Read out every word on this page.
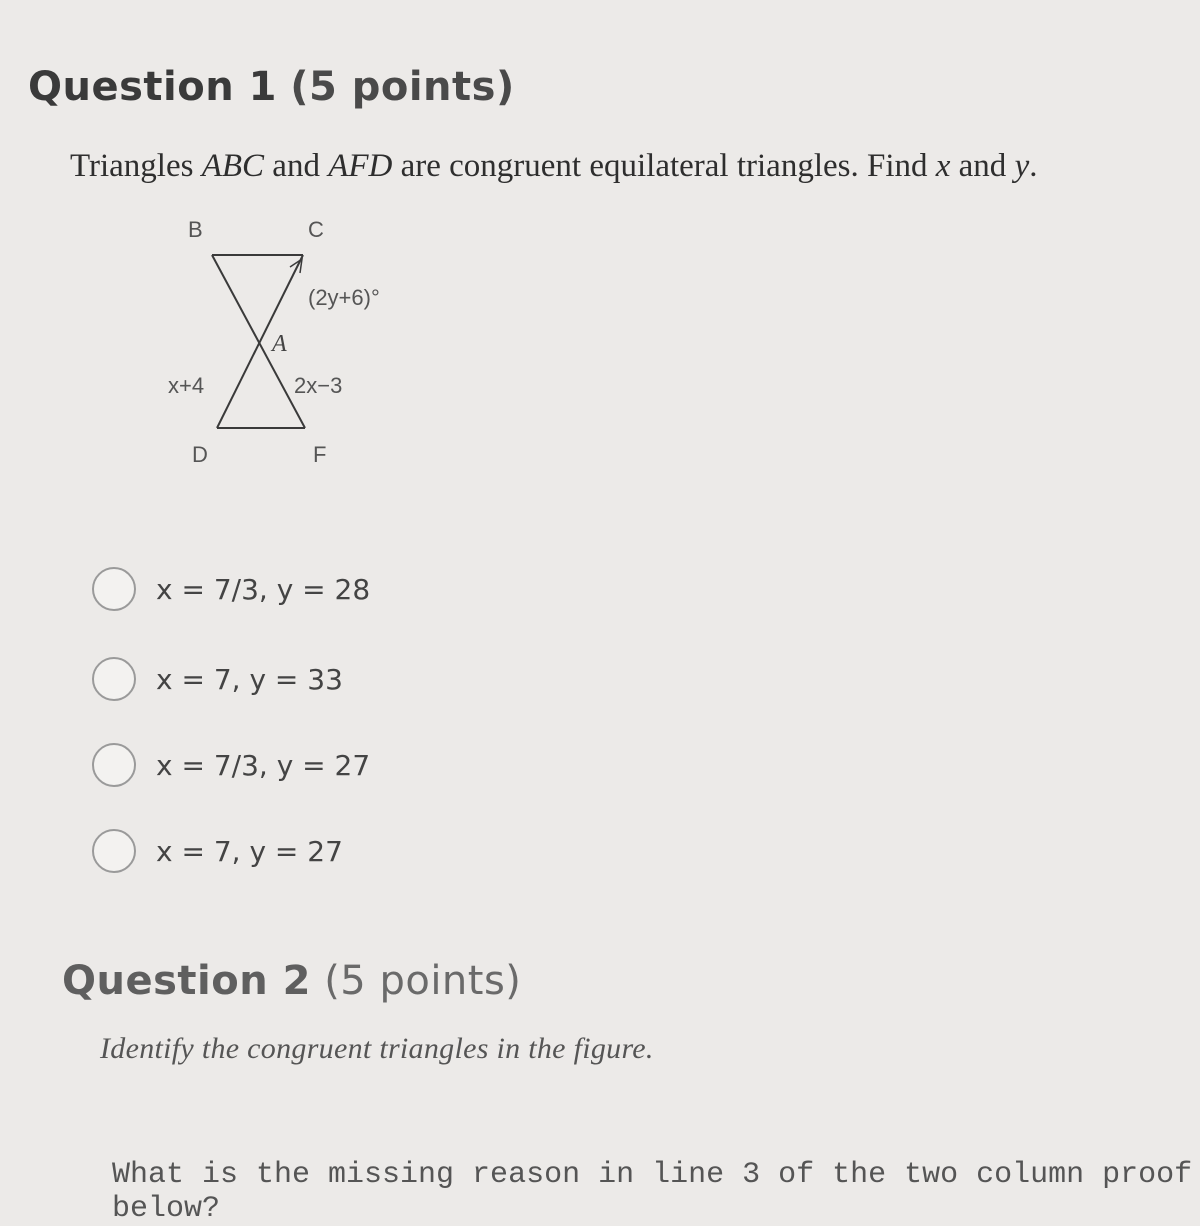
Question 1 (5 points)

Triangles ABC and AFD are congruent equilateral triangles. Find x and y.

B	C
A
D	F
(2y+6)°
x+4	2x−3
x = 7/3, y = 28
x = 7, y = 33
x = 7/3, y = 27
x = 7, y = 27
Question 2 (5 points)

Identify the congruent triangles in the figure.

What is the missing reason in line 3 of the two column proof below?
